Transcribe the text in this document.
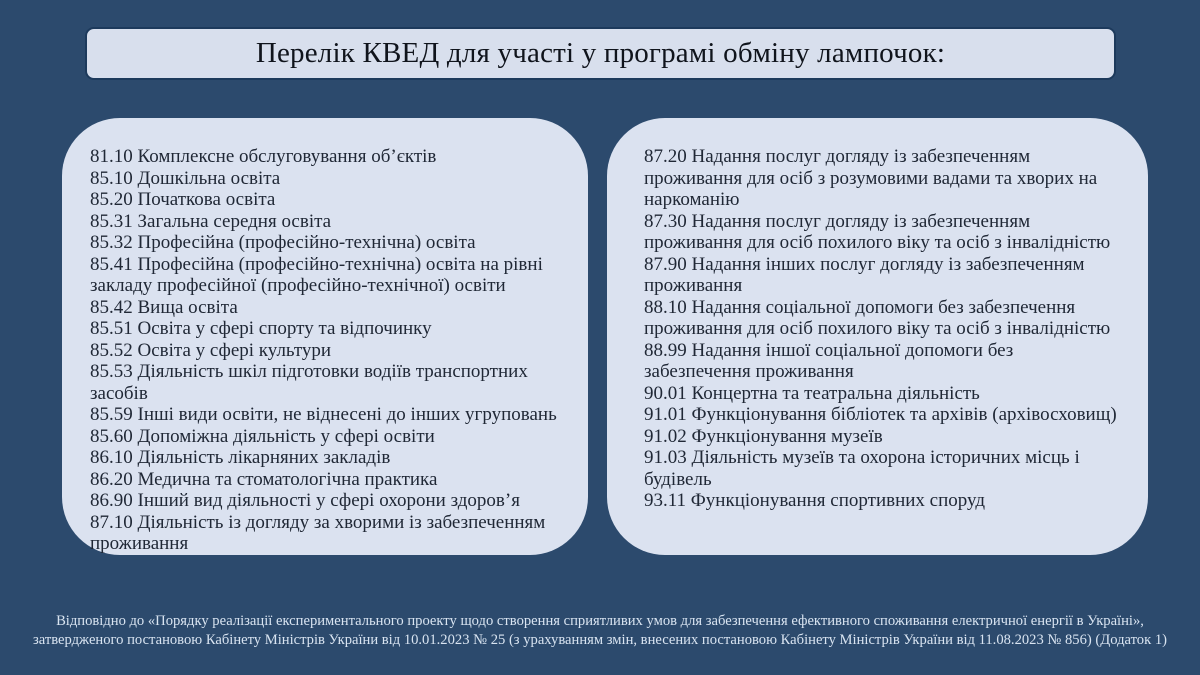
Перелік КВЕД для участі у програмі обміну лампочок:
81.10 Комплексне обслуговування об’єктів
85.10 Дошкільна освіта
85.20 Початкова освіта
85.31 Загальна середня освіта
85.32 Професійна (професійно-технічна) освіта
85.41 Професійна (професійно-технічна) освіта на рівні закладу професійної (професійно-технічної) освіти
85.42 Вища освіта
85.51 Освіта у сфері спорту та відпочинку
85.52 Освіта у сфері культури
85.53 Діяльність шкіл підготовки водіїв транспортних засобів
85.59 Інші види освіти, не віднесені до інших угруповань
85.60 Допоміжна діяльність у сфері освіти
86.10 Діяльність лікарняних закладів
86.20 Медична та стоматологічна практика
86.90 Інший вид діяльності у сфері охорони здоров’я
87.10 Діяльність із догляду за хворими із забезпеченням проживання
87.20 Надання послуг догляду із забезпеченням проживання для осіб з розумовими вадами та хворих на наркоманію
87.30 Надання послуг догляду із забезпеченням проживання для осіб похилого віку та осіб з інвалідністю
87.90 Надання інших послуг догляду із забезпеченням проживання
88.10 Надання соціальної допомоги без забезпечення проживання для осіб похилого віку та осіб з інвалідністю
88.99 Надання іншої соціальної допомоги без забезпечення проживання
90.01 Концертна та театральна діяльність
91.01 Функціонування бібліотек та архівів (архівосховищ)
91.02 Функціонування музеїв
91.03 Діяльність музеїв та охорона історичних місць і будівель
93.11 Функціонування спортивних споруд
Відповідно до «Порядку реалізації експериментального проекту щодо створення сприятливих умов для забезпечення ефективного споживання електричної енергії в Україні»,
затвердженого постановою Кабінету Міністрів України від 10.01.2023 № 25 (з урахуванням змін, внесених постановою Кабінету Міністрів України від 11.08.2023 № 856) (Додаток 1)
